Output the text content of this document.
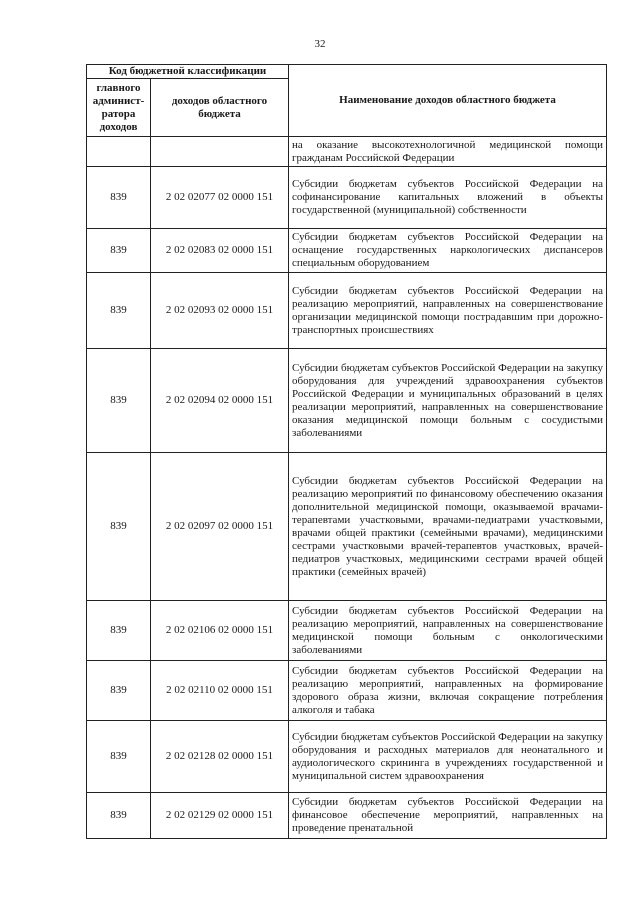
32
Код бюджетной классификации		Наименование доходов областного бюджета
главного админист-ратора доходов	доходов областного бюджета	
		на оказание высокотехнологичной медицинской помощи гражданам Российской Федерации
839	2 02 02077 02 0000 151	Субсидии бюджетам субъектов Российской Федерации на софинансирование капитальных вложений в объекты государственной (муниципальной) собственности
839	2 02 02083 02 0000 151	Субсидии бюджетам субъектов Российской Федерации на оснащение государственных наркологических диспансеров специальным оборудованием
839	2 02 02093 02 0000 151	Субсидии бюджетам субъектов Российской Федерации на реализацию мероприятий, направленных на совершенствование организации медицинской помощи пострадавшим при дорожно-транспортных происшествиях
839	2 02 02094 02 0000 151	Субсидии бюджетам субъектов Российской Федерации на закупку оборудования для учреждений здравоохранения субъектов Российской Федерации и муниципальных образований в целях реализации мероприятий, направленных на совершенствование оказания медицинской помощи больным с сосудистыми заболеваниями
839	2 02 02097 02 0000 151	Субсидии бюджетам субъектов Российской Федерации на реализацию мероприятий по финансовому обеспечению оказания дополнительной медицинской помощи, оказываемой врачами-терапевтами участковыми, врачами-педиатрами участковыми, врачами общей практики (семейными врачами), медицинскими сестрами участковыми врачей-терапевтов участковых, врачей-педиатров участковых, медицинскими сестрами врачей общей практики (семейных врачей)
839	2 02 02106 02 0000 151	Субсидии бюджетам субъектов Российской Федерации на реализацию мероприятий, направленных на совершенствование медицинской помощи больным с онкологическими заболеваниями
839	2 02 02110 02 0000 151	Субсидии бюджетам субъектов Российской Федерации на реализацию мероприятий, направленных на формирование здорового образа жизни, включая сокращение потребления алкоголя и табака
839	2 02 02128 02 0000 151	Субсидии бюджетам субъектов Российской Федерации на закупку оборудования и расходных материалов для неонатального и аудиологического скрининга в учреждениях государственной и муниципальной систем здравоохранения
839	2 02 02129 02 0000 151	Субсидии бюджетам субъектов Российской Федерации на финансовое обеспечение мероприятий, направленных на проведение пренатальной
